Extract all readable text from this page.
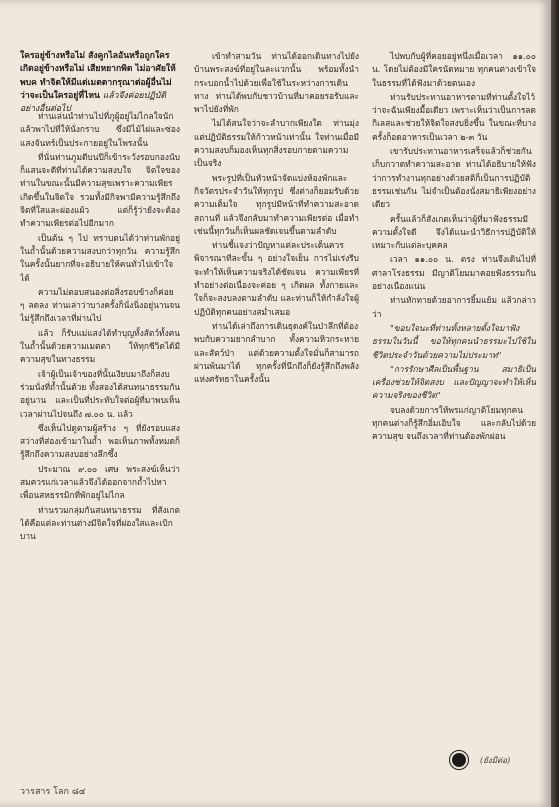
ใครอยู่ข้างหรือไม่ สังคูกไลอันหรือถูกใครเกิดอยู่ข้างหรือไม่ เสียหยากพิด ไม่อาศัยให้พบค ทำจิตให้มีแต่เมตตากรุณาต่อผู้อื่นไม่ว่าจะเป็นใครอยู่ที่ไหน แล้วจึงค่อยปฏิบัติอย่างอื่นต่อไป

ท่านเล่นนำท่านไปที่ภูผู้อยู่ไม่ไกลใจนัก แล้วพาไปที่ให้นั่งกราบ ซึ่งมีไม้ไผ่และซ่องแสงจันทร์เป็นประกายอยู่ในโพรงนั้น

ที่นั่นท่านภูมดีบนปีก็เข้าระวังรอบกองนับก็แสนจะดีที่ท่านได้ความสงบใจ จิตใจของท่านในขณะนั้นมีความสุขเพราะความเพียรเกิดขึ้นในจิตใจ รวมทั้งมีกิจพามีความรู้สึกถึงจิตที่ใสและผ่องแผ้ว แต่ก็รู้ว่ายังจะต้องทำความเพียรต่อไปอีกมาก

เป็นต้น ๆ ไป ทราบตนได้ว่าท่านพักอยู่ในถ้ำนั้นด้วยความสงบกว่าทุกวัน ความรู้สึกในครั้งนั้นยากที่จะอธิบายให้คนทั่วไปเข้าใจได้

ความไม่ตอบสนองต่อสิ่งรอบข้างก็ค่อย ๆ ลดลง ท่านเล่าว่าบางครั้งก็นั่งนิ่งอยู่นานจนไม่รู้สึกถึงเวลาที่ผ่านไป

แล้ว ก็รับแม่แสงได้ทำบุญทั้งสัตว์ทั้งคนในถ้ำนั้นด้วยความเมตตา ให้ทุกชีวิตได้มีความสุขในทางธรรม

เจ้าผู้เป็นเจ้าของที่นั้นเงียบมาถึงก็สงบร่วมนั่งที่ถ้ำนั้นด้วย ทั้งสองได้สนทนาธรรมกันอยู่นาน และเป็นที่ประทับใจต่อผู้ที่มาพบเห็น เวลาผ่านไปจนถึง ๗.๐๐ น. แล้ว

ซึ่งเห็นไปดูตามผู้สร้าง ๆ ที่ยังรอบแสงสว่างที่ส่องเข้ามาในถ้ำ พอเห็นภาพทั้งหมดก็รู้สึกถึงความสงบอย่างลึกซึ้ง

ประมาณ ๙.๐๐ เศษ พระสงฆ์เห็นว่าสมควรแก่เวลาแล้วจึงได้ออกจากถ้ำไปหาเพื่อนสหธรรมิกที่พักอยู่ไม่ไกล

ท่านรวมกลุ่มกันสนทนาธรรม ที่สังเกตได้คือแต่ละท่านต่างมีจิตใจที่ผ่องใสและเบิกบาน

เข้าทำสามวัน ท่านได้ออกเดินทางไปยังบ้านพระสงฆ์ที่อยู่ในละแวกนั้น พร้อมทั้งนำกระบอกน้ำไปด้วยเพื่อใช้ในระหว่างการเดินทาง ท่านได้พบกับชาวบ้านที่มาคอยรอรับและพาไปยังที่พัก

ไม่ได้สนใจว่าจะลำบากเพียงใด ท่านมุ่งแต่ปฏิบัติธรรมให้ก้าวหน้าเท่านั้น ใจท่านเมื่อมีความสงบก็มองเห็นทุกสิ่งรอบกายตามความเป็นจริง

พระรูปที่เป็นหัวหน้าจัดแบ่งห้องพักและกิจวัตรประจำวันให้ทุกรูป ซึ่งต่างก็ยอมรับด้วยความเต็มใจ ทุกรูปมีหน้าที่ทำความสะอาดสถานที่ แล้วจึงกลับมาทำความเพียรต่อ เมื่อทำเช่นนี้ทุกวันก็เห็นผลชัดเจนขึ้นตามลำดับ

ท่านชี้แจงว่าปัญหาแต่ละประเด็นควรพิจารณาทีละขั้น ๆ อย่างใจเย็น การไม่เร่งรีบจะทำให้เห็นความจริงได้ชัดเจน ความเพียรที่ทำอย่างต่อเนื่องจะค่อย ๆ เกิดผล ทั้งกายและใจก็จะสงบลงตามลำดับ และท่านก็ให้กำลังใจผู้ปฏิบัติทุกคนอย่างสม่ำเสมอ

ท่านได้เล่าถึงการเดินธุดงค์ในป่าลึกที่ต้องพบกับความยากลำบาก ทั้งความหิวกระหายและสัตว์ป่า แต่ด้วยความตั้งใจมั่นก็สามารถผ่านพ้นมาได้ ทุกครั้งที่นึกถึงก็ยังรู้สึกถึงพลังแห่งศรัทธาในครั้งนั้น

ไปพบกับผู้ที่คอยอยู่หนึ่งเมื่อเวลา ๑๑.๐๐ น. โดยไม่ต้องมีใครนัดหมาย ทุกคนต่างเข้าใจในธรรมที่ได้ฟังมาด้วยตนเอง

ท่านรับประทานอาหารตามที่ท่านตั้งใจไว้ว่าจะฉันเพียงมื้อเดียว เพราะเห็นว่าเป็นการลดกิเลสและช่วยให้จิตใจสงบยิ่งขึ้น ในขณะที่บางครั้งก็อดอาหารเป็นเวลา ๒-๓ วัน

เขารับประทานอาหารเสร็จแล้วก็ช่วยกันเก็บกวาดทำความสะอาด ท่านได้อธิบายให้ฟังว่าการทำงานทุกอย่างด้วยสติก็เป็นการปฏิบัติธรรมเช่นกัน ไม่จำเป็นต้องนั่งสมาธิเพียงอย่างเดียว

ครั้นแล้วก็สังเกตเห็นว่าผู้ที่มาฟังธรรมมีความตั้งใจดี จึงได้แนะนำวิธีการปฏิบัติให้เหมาะกับแต่ละบุคคล

เวลา ๑๑.๐๐ น. ตรง ท่านจึงเดินไปที่ศาลาโรงธรรม มีญาติโยมมาคอยฟังธรรมกันอย่างเนืองแน่น

ท่านทักทายด้วยอาการยิ้มแย้ม แล้วกล่าวว่า

"ขอบใจนะที่ท่านทั้งหลายตั้งใจมาฟังธรรมในวันนี้ ขอให้ทุกคนนำธรรมะไปใช้ในชีวิตประจำวันด้วยความไม่ประมาท"

"การรักษาศีลเป็นพื้นฐาน สมาธิเป็นเครื่องช่วยให้จิตสงบ และปัญญาจะทำให้เห็นความจริงของชีวิต"

จบลงด้วยการให้พรแก่ญาติโยมทุกคน ทุกคนต่างก็รู้สึกอิ่มเอิบใจ และกลับไปด้วยความสุข จนถึงเวลาที่ท่านต้องพักผ่อน

(ยังมีต่อ)
วารสาร โลก ๘๔
